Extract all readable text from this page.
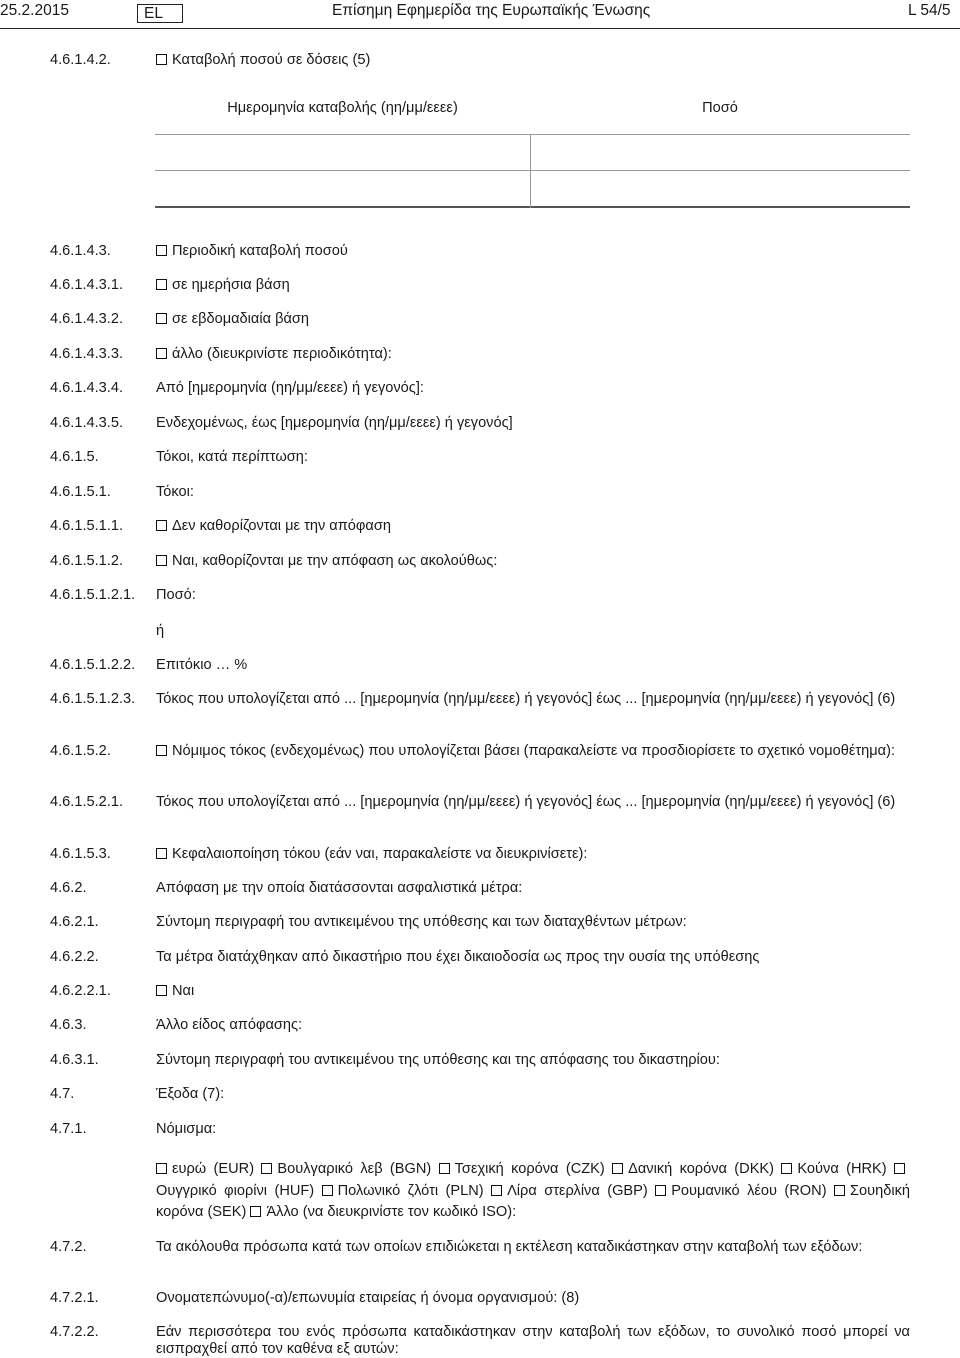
25.2.2015	EL	Επίσημη Εφημερίδα της Ευρωπαϊκής Ένωσης	L 54/5
4.6.1.4.2.	Καταβολή ποσού σε δόσεις (5)
Ημερομηνία καταβολής (ηη/μμ/εεεε)	Ποσό
4.6.1.4.3.	Περιοδική καταβολή ποσού
4.6.1.4.3.1.	σε ημερήσια βάση
4.6.1.4.3.2.	σε εβδομαδιαία βάση
4.6.1.4.3.3.	άλλο (διευκρινίστε περιοδικότητα):
4.6.1.4.3.4. Από [ημερομηνία (ηη/μμ/εεεε) ή γεγονός]:
4.6.1.4.3.5. Ενδεχομένως, έως [ημερομηνία (ηη/μμ/εεεε) ή γεγονός]
4.6.1.5.	Τόκοι, κατά περίπτωση:
4.6.1.5.1.	Τόκοι:
4.6.1.5.1.1.	Δεν καθορίζονται με την απόφαση
4.6.1.5.1.2.	Ναι, καθορίζονται με την απόφαση ως ακολούθως:
4.6.1.5.1.2.1. Ποσό:
ή
4.6.1.5.1.2.2. Επιτόκιο … %
4.6.1.5.1.2.3. Τόκος που υπολογίζεται από ... [ημερομηνία (ηη/μμ/εεεε) ή γεγονός] έως ... [ημερομηνία (ηη/μμ/εεεε) ή γεγονός] (6)
4.6.1.5.2.	Νόμιμος τόκος (ενδεχομένως) που υπολογίζεται βάσει (παρακαλείστε να προσδιορίσετε το σχετικό νομοθέτημα):
4.6.1.5.2.1. Τόκος που υπολογίζεται από ... [ημερομηνία (ηη/μμ/εεεε) ή γεγονός] έως ... [ημερομηνία (ηη/μμ/εεεε) ή γεγονός] (6)
4.6.1.5.3.	Κεφαλαιοποίηση τόκου (εάν ναι, παρακαλείστε να διευκρινίσετε):
4.6.2.	Απόφαση με την οποία διατάσσονται ασφαλιστικά μέτρα:
4.6.2.1.	Σύντομη περιγραφή του αντικειμένου της υπόθεσης και των διαταχθέντων μέτρων:
4.6.2.2.	Τα μέτρα διατάχθηκαν από δικαστήριο που έχει δικαιοδοσία ως προς την ουσία της υπόθεσης
4.6.2.2.1.	Ναι
4.6.3.	Άλλο είδος απόφασης:
4.6.3.1.	Σύντομη περιγραφή του αντικειμένου της υπόθεσης και της απόφασης του δικαστηρίου:
4.7.	Έξοδα (7):
4.7.1.	Νόμισμα:
ευρώ (EUR) Βουλγαρικό λεβ (BGN) Τσεχική κορόνα (CZK) Δανική κορόνα (DKK) Κούνα (HRK) Ουγγρικό φιορίνι (HUF) Πολωνικό ζλότι (PLN) Λίρα στερλίνα (GBP) Ρουμανικό λέου (RON) Σουηδική κορόνα (SEK) Άλλο (να διευκρινίστε τον κωδικό ISO):
4.7.2.	Τα ακόλουθα πρόσωπα κατά των οποίων επιδιώκεται η εκτέλεση καταδικάστηκαν στην καταβολή των εξόδων:
4.7.2.1.	Ονοματεπώνυμο(-α)/επωνυμία εταιρείας ή όνομα οργανισμού: (8)
4.7.2.2.	Εάν περισσότερα του ενός πρόσωπα καταδικάστηκαν στην καταβολή των εξόδων, το συνολικό ποσό μπορεί να εισπραχθεί από τον καθένα εξ αυτών:
